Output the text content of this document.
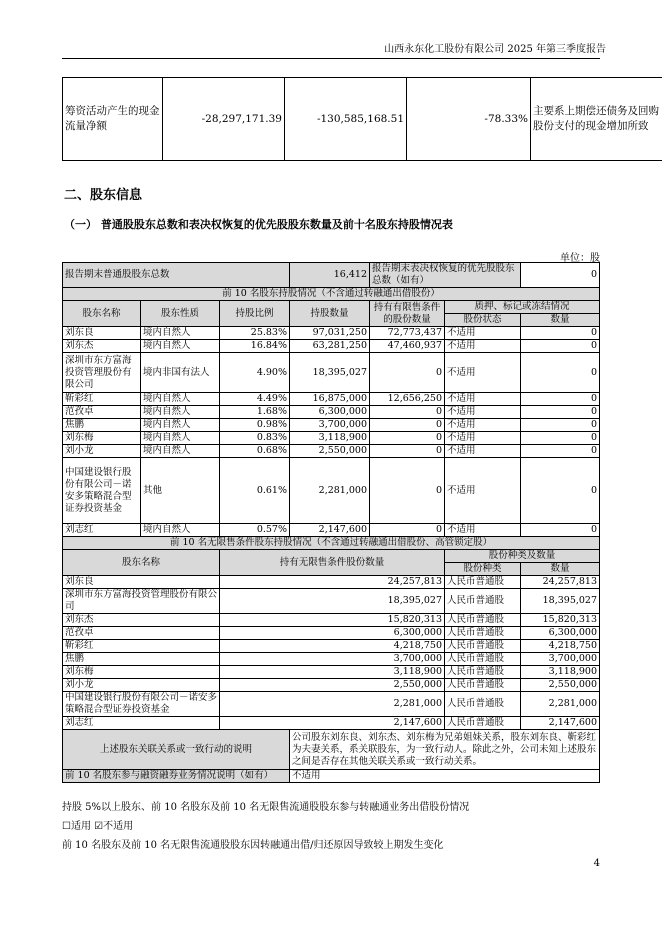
山西永东化工股份有限公司 2025 年第三季度报告
筹资活动产生的现金流量净额	-28,297,171.39	-130,585,168.51	-78.33%	主要系上期偿还债务及回购股份支付的现金增加所致
二、股东信息
（一） 普通股股东总数和表决权恢复的优先股股东数量及前十名股东持股情况表
单位：股
报告期末普通股股东总数			16,412	报告期末表决权恢复的优先股股东总数（如有）		0
前 10 名股东持股情况（不含通过转融通出借股份）						
股东名称	股东性质	持股比例	持股数量	持有有限售条件的股份数量	质押、标记或冻结情况	
					股份状态	数量
刘东良	境内自然人	25.83%	97,031,250	72,773,437	不适用	0
刘东杰	境内自然人	16.84%	63,281,250	47,460,937	不适用	0
深圳市东方富海投资管理股份有限公司	境内非国有法人	4.90%	18,395,027	0	不适用	0
靳彩红	境内自然人	4.49%	16,875,000	12,656,250	不适用	0
范孜卓	境内自然人	1.68%	6,300,000	0	不适用	0
焦鹏	境内自然人	0.98%	3,700,000	0	不适用	0
刘东梅	境内自然人	0.83%	3,118,900	0	不适用	0
刘小龙	境内自然人	0.68%	2,550,000	0	不适用	0
中国建设银行股份有限公司－诺安多策略混合型证券投资基金	其他	0.61%	2,281,000	0	不适用	0
刘志红	境内自然人	0.57%	2,147,600	0	不适用	0
前 10 名无限售条件股东持股情况（不含通过转融通出借股份、高管锁定股）						
股东名称		持有无限售条件股份数量			股份种类及数量	
					股份种类	数量
刘东良		24,257,813			人民币普通股	24,257,813
深圳市东方富海投资管理股份有限公司		18,395,027			人民币普通股	18,395,027
刘东杰		15,820,313			人民币普通股	15,820,313
范孜卓		6,300,000			人民币普通股	6,300,000
靳彩红		4,218,750			人民币普通股	4,218,750
焦鹏		3,700,000			人民币普通股	3,700,000
刘东梅		3,118,900			人民币普通股	3,118,900
刘小龙		2,550,000			人民币普通股	2,550,000
中国建设银行股份有限公司－诺安多策略混合型证券投资基金		2,281,000			人民币普通股	2,281,000
刘志红		2,147,600			人民币普通股	2,147,600
上述股东关联关系或一致行动的说明			公司股东刘东良、刘东杰、刘东梅为兄弟姐妹关系，股东刘东良、靳彩红为夫妻关系，系关联股东，为一致行动人。除此之外，公司未知上述股东之间是否存在其他关联关系或一致行动关系。			
前 10 名股东参与融资融券业务情况说明（如有）			不适用			
持股 5%以上股东、前 10 名股东及前 10 名无限售流通股股东参与转融通业务出借股份情况
☐适用 ☑不适用
前 10 名股东及前 10 名无限售流通股股东因转融通出借/归还原因导致较上期发生变化
4
